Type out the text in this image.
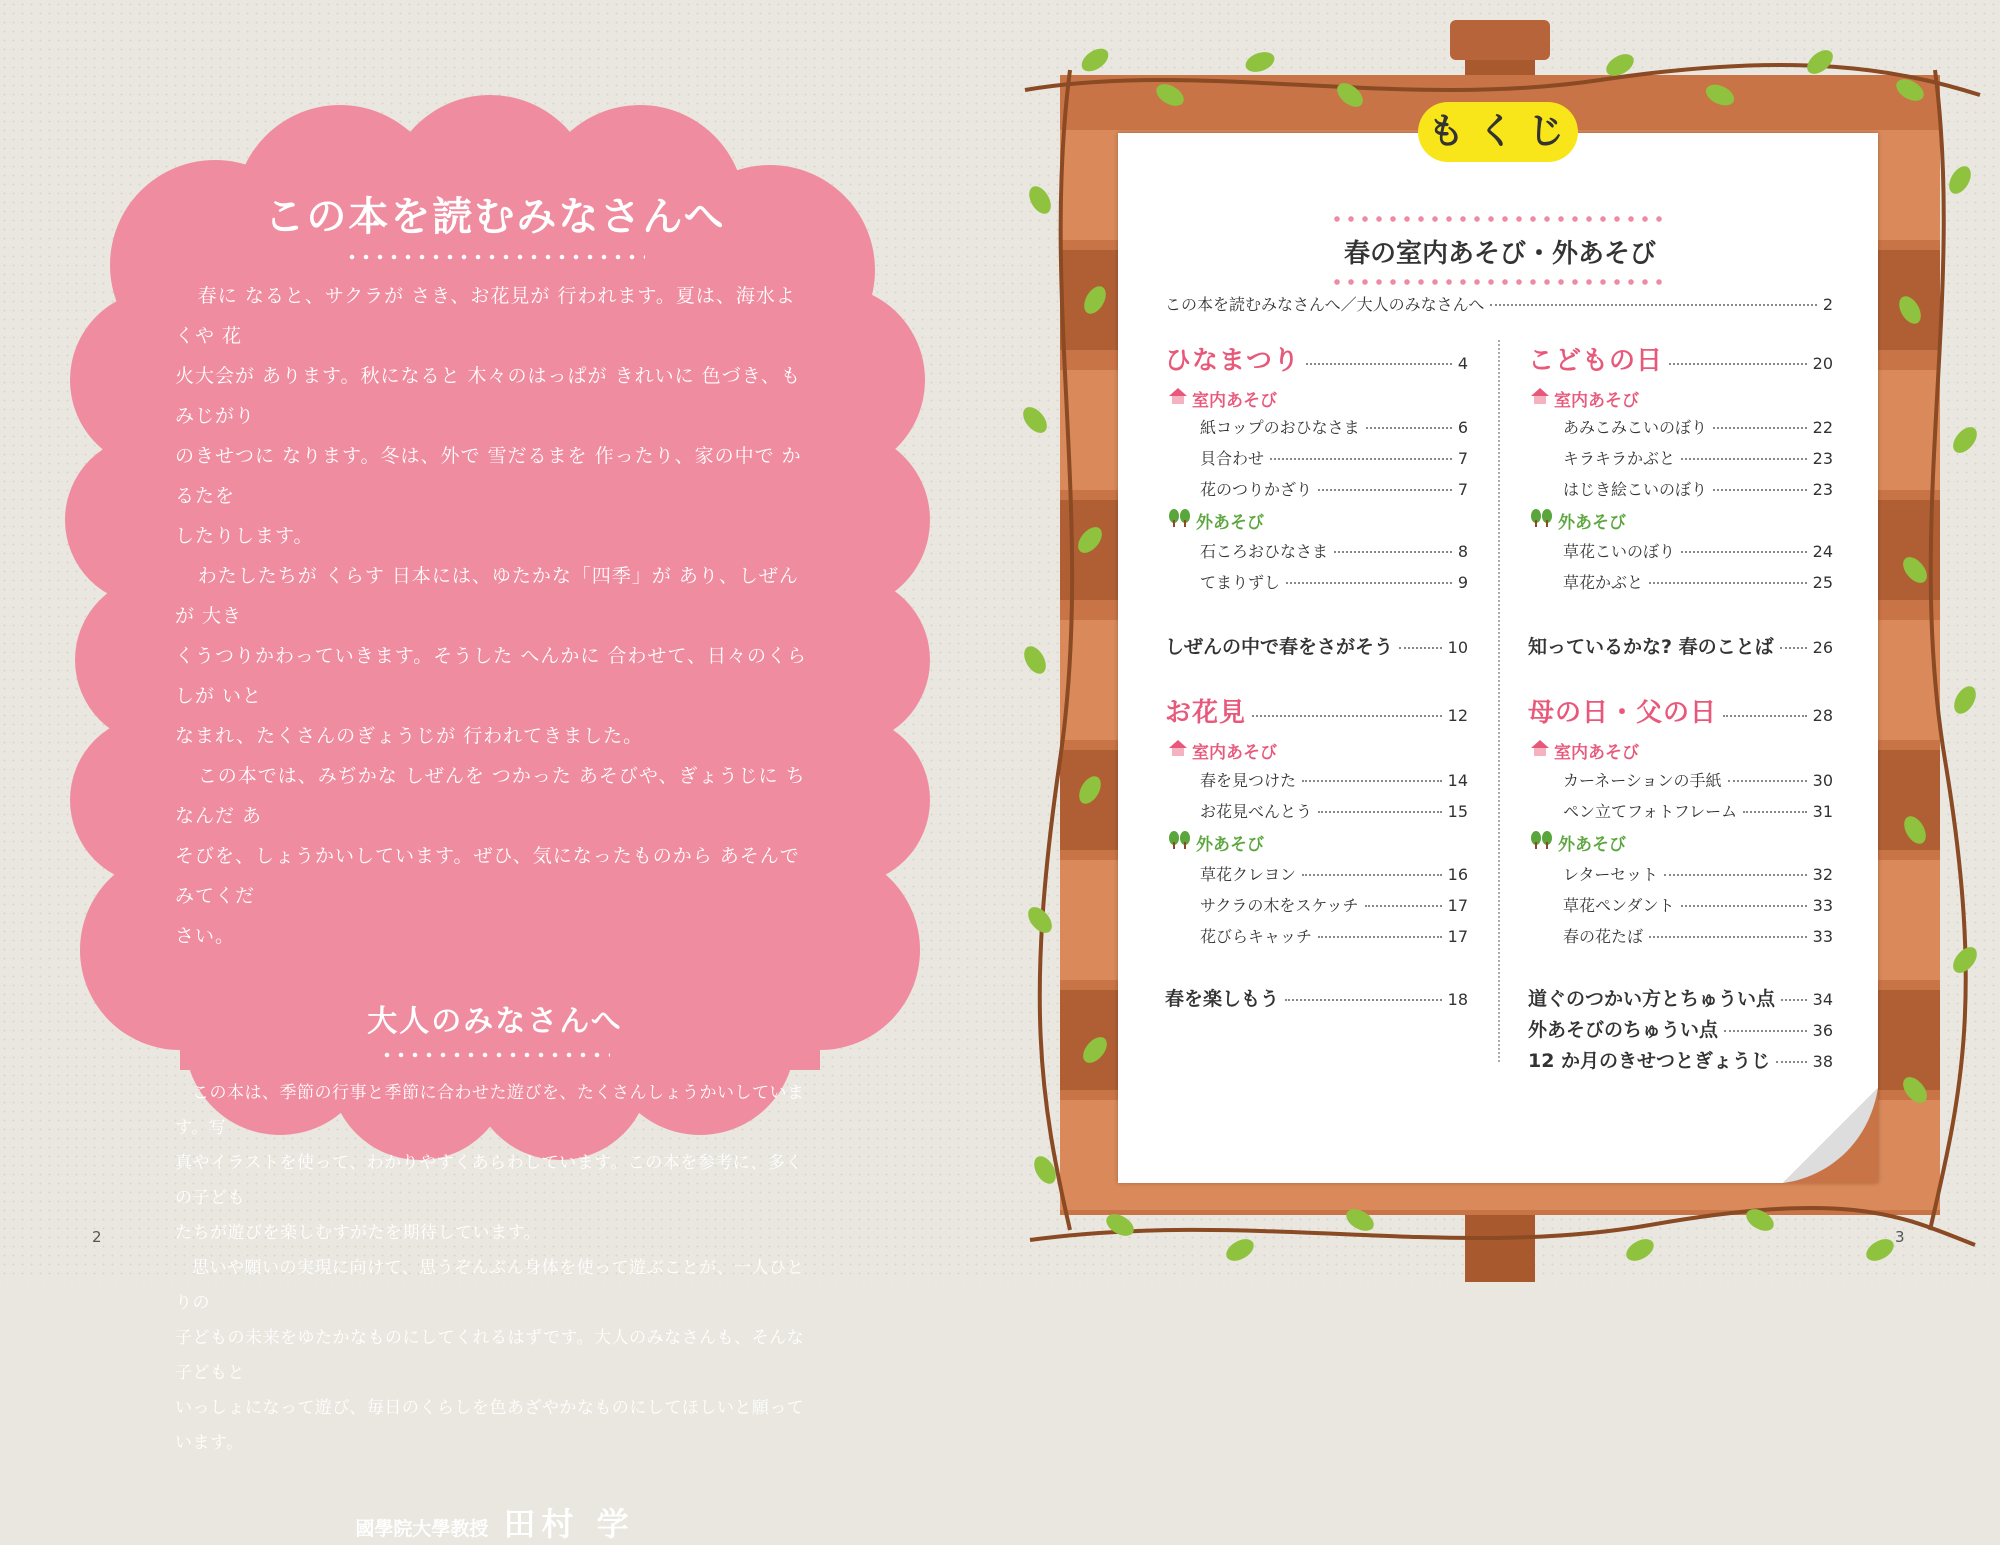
この本を読むみなさんへ

春に なると、サクラが さき、お花見が 行われます。夏は、海水よくや 花

火大会が あります。秋になると 木々のはっぱが きれいに 色づき、もみじがり

のきせつに なります。冬は、外で 雪だるまを 作ったり、家の中で かるたを

したりします。

わたしたちが くらす 日本には、ゆたかな「四季」が あり、しぜんが 大き

くうつりかわっていきます。そうした へんかに 合わせて、日々のくらしが いと

なまれ、たくさんのぎょうじが 行われてきました。

この本では、みぢかな しぜんを つかった あそびや、ぎょうじに ちなんだ あ

そびを、しょうかいしています。ぜひ、気になったものから あそんでみてくだ

さい。

大人のみなさんへ

この本は、季節の行事と季節に合わせた遊びを、たくさんしょうかいしています。写

真やイラストを使って、わかりやすくあらわしています。この本を参考に、多くの子ども

たちが遊びを楽しむすがたを期待しています。

思いや願いの実現に向けて、思うぞんぶん身体を使って遊ぶことが、一人ひとりの

子どもの未来をゆたかなものにしてくれるはずです。大人のみなさんも、そんな子どもと

いっしょになって遊び、毎日のくらしを色あざやかなものにしてほしいと願っています。

國學院大學教授 田村 学
2
もくじ
春の室内あそび・外あそび
この本を読むみなさんへ／大人のみなさんへ	2
ひなまつり	4
室内あそび
紙コップのおひなさま	6
貝合わせ	7
花のつりかざり	7
外あそび
石ころおひなさま	8
てまりずし	9
しぜんの中で春をさがそう	10
お花見	12
室内あそび
春を見つけた	14
お花見べんとう	15
外あそび
草花クレヨン	16
サクラの木をスケッチ	17
花びらキャッチ	17
春を楽しもう	18
こどもの日	20
室内あそび
あみこみこいのぼり	22
キラキラかぶと	23
はじき絵こいのぼり	23
外あそび
草花こいのぼり	24
草花かぶと	25
知っているかな? 春のことば 26
母の日・父の日	28
室内あそび
カーネーションの手紙	30
ペン立てフォトフレーム	31
外あそび
レターセット	32
草花ペンダント	33
春の花たば	33
道ぐのつかい方とちゅうい点 34
外あそびのちゅうい点	36
12 か月のきせつとぎょうじ	38
3
